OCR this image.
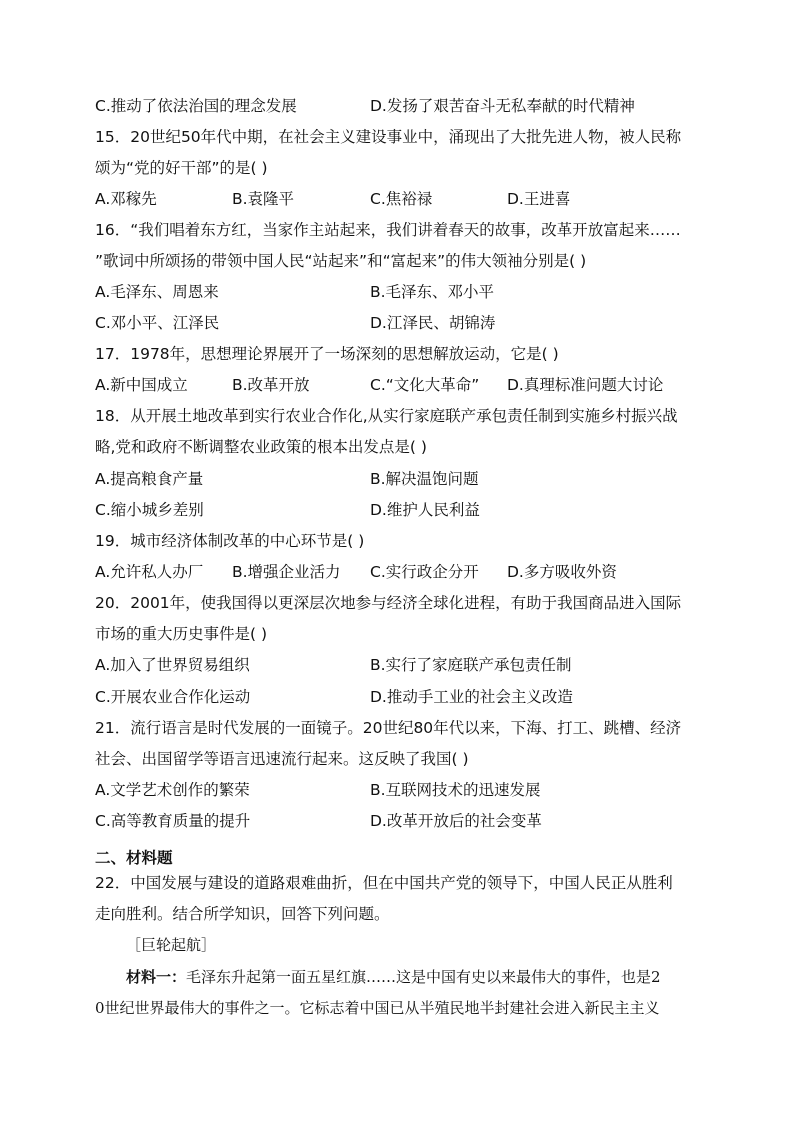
C.推动了依法治国的理念发展	D.发扬了艰苦奋斗无私奉献的时代精神
15．20世纪50年代中期，在社会主义建设事业中，涌现出了大批先进人物，被人民称
颂为“党的好干部”的是( )
A.邓稼先	B.袁隆平	C.焦裕禄	D.王进喜
16．“我们唱着东方红，当家作主站起来，我们讲着春天的故事，改革开放富起来……
”歌词中所颂扬的带领中国人民“站起来”和“富起来”的伟大领袖分别是( )
A.毛泽东、周恩来	B.毛泽东、邓小平
C.邓小平、江泽民	D.江泽民、胡锦涛
17．1978年，思想理论界展开了一场深刻的思想解放运动，它是( )
A.新中国成立	B.改革开放	C.“文化大革命” D.真理标准问题大讨论
18．从开展土地改革到实行农业合作化,从实行家庭联产承包责任制到实施乡村振兴战
略,党和政府不断调整农业政策的根本出发点是( )
A.提高粮食产量	B.解决温饱问题
C.缩小城乡差别	D.维护人民利益
19．城市经济体制改革的中心环节是( )
A.允许私人办厂 B.增强企业活力 C.实行政企分开 D.多方吸收外资
20．2001年，使我国得以更深层次地参与经济全球化进程，有助于我国商品进入国际
市场的重大历史事件是( )
A.加入了世界贸易组织	B.实行了家庭联产承包责任制
C.开展农业合作化运动	D.推动手工业的社会主义改造
21．流行语言是时代发展的一面镜子。20世纪80年代以来，下海、打工、跳槽、经济
社会、出国留学等语言迅速流行起来。这反映了我国( )
A.文学艺术创作的繁荣	B.互联网技术的迅速发展
C.高等教育质量的提升	D.改革开放后的社会变革
二、材料题
22．中国发展与建设的道路艰难曲折，但在中国共产党的领导下，中国人民正从胜利
走向胜利。结合所学知识，回答下列问题。
［巨轮起航］
材料一：毛泽东升起第一面五星红旗……这是中国有史以来最伟大的事件，也是2
0世纪世界最伟大的事件之一。它标志着中国已从半殖民地半封建社会进入新民主主义
